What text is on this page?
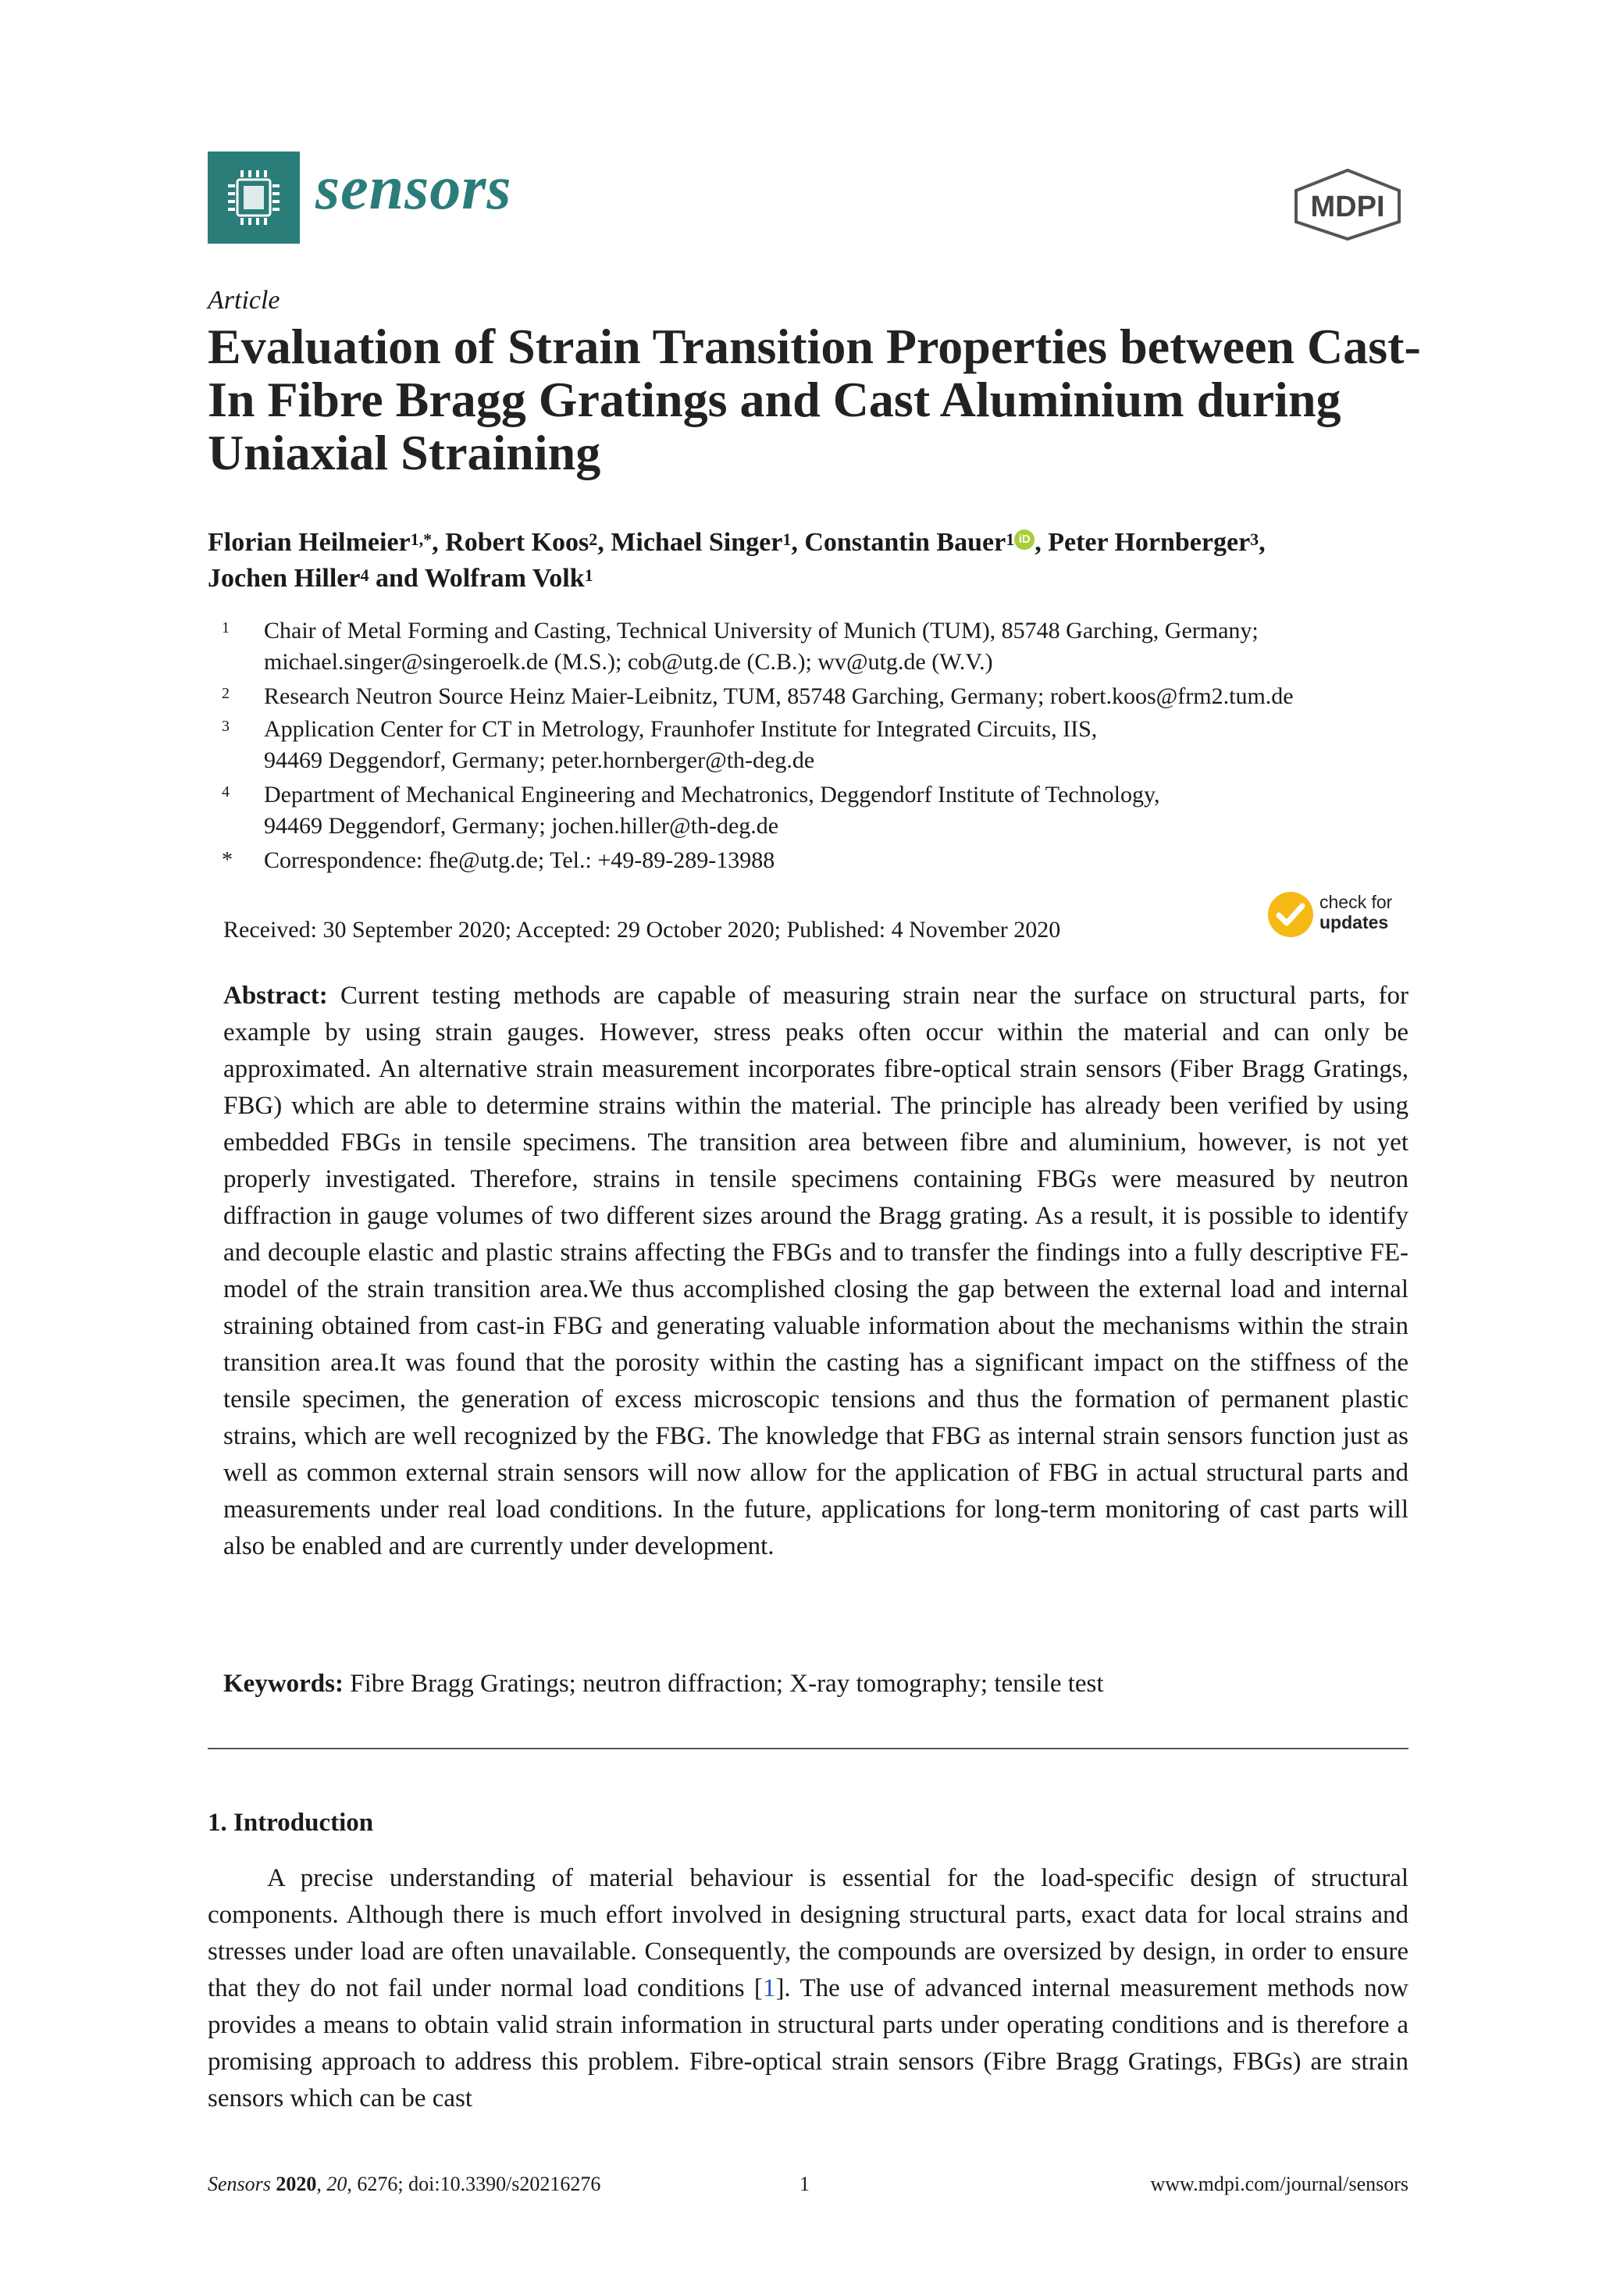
sensors	MDPI
Article
Evaluation of Strain Transition Properties between Cast-In Fibre Bragg Gratings and Cast Aluminium during Uniaxial Straining
Florian Heilmeier$^{1,*}$, Robert Koos$^2$, Michael Singer$^1$, Constantin Bauer$^1$ iD , Peter Hornberger$^3$,
Jochen Hiller$^4$ and Wolfram Volk$^1$
1 Chair of Metal Forming and Casting, Technical University of Munich (TUM), 85748 Garching, Germany;
michael.singer@singeroelk.de (M.S.); cob@utg.de (C.B.); wv@utg.de (W.V.)
2 Research Neutron Source Heinz Maier-Leibnitz, TUM, 85748 Garching, Germany; robert.koos@frm2.tum.de
3 Application Center for CT in Metrology, Fraunhofer Institute for Integrated Circuits, IIS,
94469 Deggendorf, Germany; peter.hornberger@th-deg.de
4 Department of Mechanical Engineering and Mechatronics, Deggendorf Institute of Technology,
94469 Deggendorf, Germany; jochen.hiller@th-deg.de
* Correspondence: fhe@utg.de; Tel.: +49-89-289-13988
Received: 30 September 2020; Accepted: 29 October 2020; Published: 4 November 2020
check for
updates
Abstract: Current testing methods are capable of measuring strain near the surface on structural parts, for example by using strain gauges. However, stress peaks often occur within the material and can only be approximated. An alternative strain measurement incorporates fibre-optical strain sensors (Fiber Bragg Gratings, FBG) which are able to determine strains within the material. The principle has already been verified by using embedded FBGs in tensile specimens. The transition area between fibre and aluminium, however, is not yet properly investigated. Therefore, strains in tensile specimens containing FBGs were measured by neutron diffraction in gauge volumes of two different sizes around the Bragg grating. As a result, it is possible to identify and decouple elastic and plastic strains affecting the FBGs and to transfer the findings into a fully descriptive FE-model of the strain transition area.We thus accomplished closing the gap between the external load and internal straining obtained from cast-in FBG and generating valuable information about the mechanisms within the strain transition area.It was found that the porosity within the casting has a significant impact on the stiffness of the tensile specimen, the generation of excess microscopic tensions and thus the formation of permanent plastic strains, which are well recognized by the FBG. The knowledge that FBG as internal strain sensors function just as well as common external strain sensors will now allow for the application of FBG in actual structural parts and measurements under real load conditions. In the future, applications for long-term monitoring of cast parts will also be enabled and are currently under development.
Keywords: Fibre Bragg Gratings; neutron diffraction; X-ray tomography; tensile test
1. Introduction
A precise understanding of material behaviour is essential for the load-specific design of structural components. Although there is much effort involved in designing structural parts, exact data for local strains and stresses under load are often unavailable. Consequently, the compounds are oversized by design, in order to ensure that they do not fail under normal load conditions [1]. The use of advanced internal measurement methods now provides a means to obtain valid strain information in structural parts under operating conditions and is therefore a promising approach to address this problem. Fibre-optical strain sensors (Fibre Bragg Gratings, FBGs) are strain sensors which can be cast
Sensors 2020, 20, 6276; doi:10.3390/s20216276	1	www.mdpi.com/journal/sensors
